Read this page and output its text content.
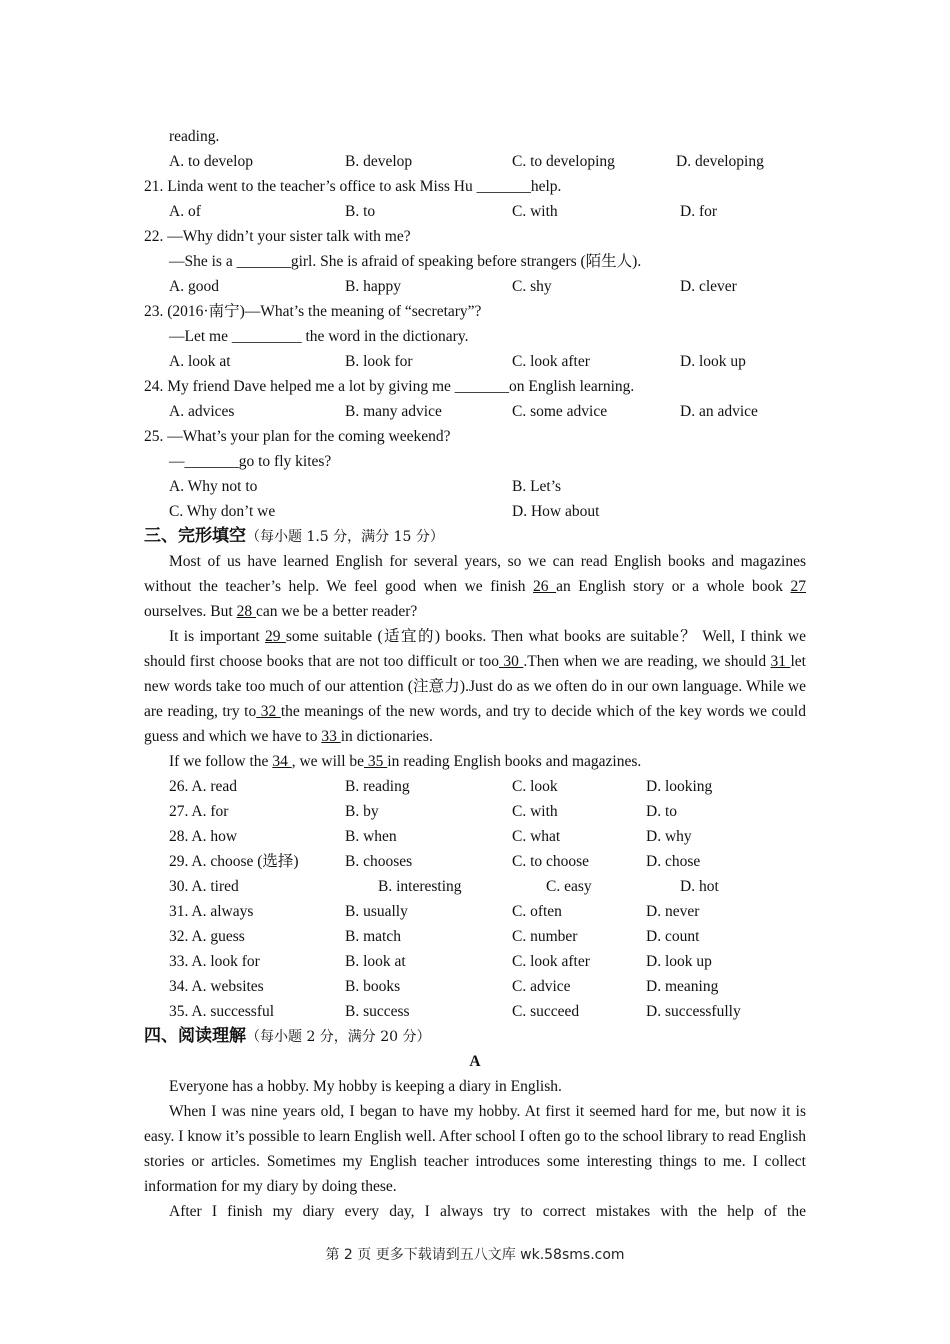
reading.
A. to develop	B. develop	C. to developing	D. developing
21. Linda went to the teacher’s office to ask Miss Hu _______help.
A. of	B. to	C. with	D. for
22. —Why didn’t your sister talk with me?
—She is a _______girl. She is afraid of speaking before strangers (陌生人).
A. good	B. happy	C. shy	D. clever
23. (2016·南宁)—What’s the meaning of “secretary”?
—Let me _________ the word in the dictionary.
A. look at	B. look for	C. look after	D. look up
24. My friend Dave helped me a lot by giving me _______on English learning.
A. advices	B. many advice	C. some advice	D. an advice
25. —What’s your plan for the coming weekend?
—_______go to fly kites?
A. Why not to	B. Let’s
C. Why don’t we	D. How about
三、完形填空（每小题 1.5 分，满分 15 分）
Most of us have learned English for several years, so we can read English books and magazines without the teacher’s help. We feel good when we finish 26 an English story or a whole book 27 ourselves. But 28 can we be a better reader?
It is important 29 some suitable (适宜的) books. Then what books are suitable？ Well, I think we should first choose books that are not too difficult or too 30 .Then when we are reading, we should 31 let new words take too much of our attention (注意力).Just do as we often do in our own language. While we are reading, try to 32 the meanings of the new words, and try to decide which of the key words we could guess and which we have to 33 in dictionaries.
If we follow the 34 , we will be 35 in reading English books and magazines.
26. A. read	B. reading	C. look	D. looking
27. A. for	B. by	C. with	D. to
28. A. how	B. when	C. what	D. why
29. A. choose (选择)	B. chooses	C. to choose	D. chose
30. A. tired	B. interesting	C. easy	D. hot
31. A. always	B. usually	C. often	D. never
32. A. guess	B. match	C. number	D. count
33. A. look for	B. look at	C. look after	D. look up
34. A. websites	B. books	C. advice	D. meaning
35. A. successful	B. success	C. succeed	D. successfully
四、阅读理解（每小题 2 分，满分 20 分）
A
Everyone has a hobby. My hobby is keeping a diary in English.
When I was nine years old, I began to have my hobby. At first it seemed hard for me, but now it is easy. I know it’s possible to learn English well. After school I often go to the school library to read English stories or articles. Sometimes my English teacher introduces some interesting things to me. I collect information for my diary by doing these.
After I finish my diary every day, I always try to correct mistakes with the help of the
第 2 页 更多下载请到五八文库 wk.58sms.com
